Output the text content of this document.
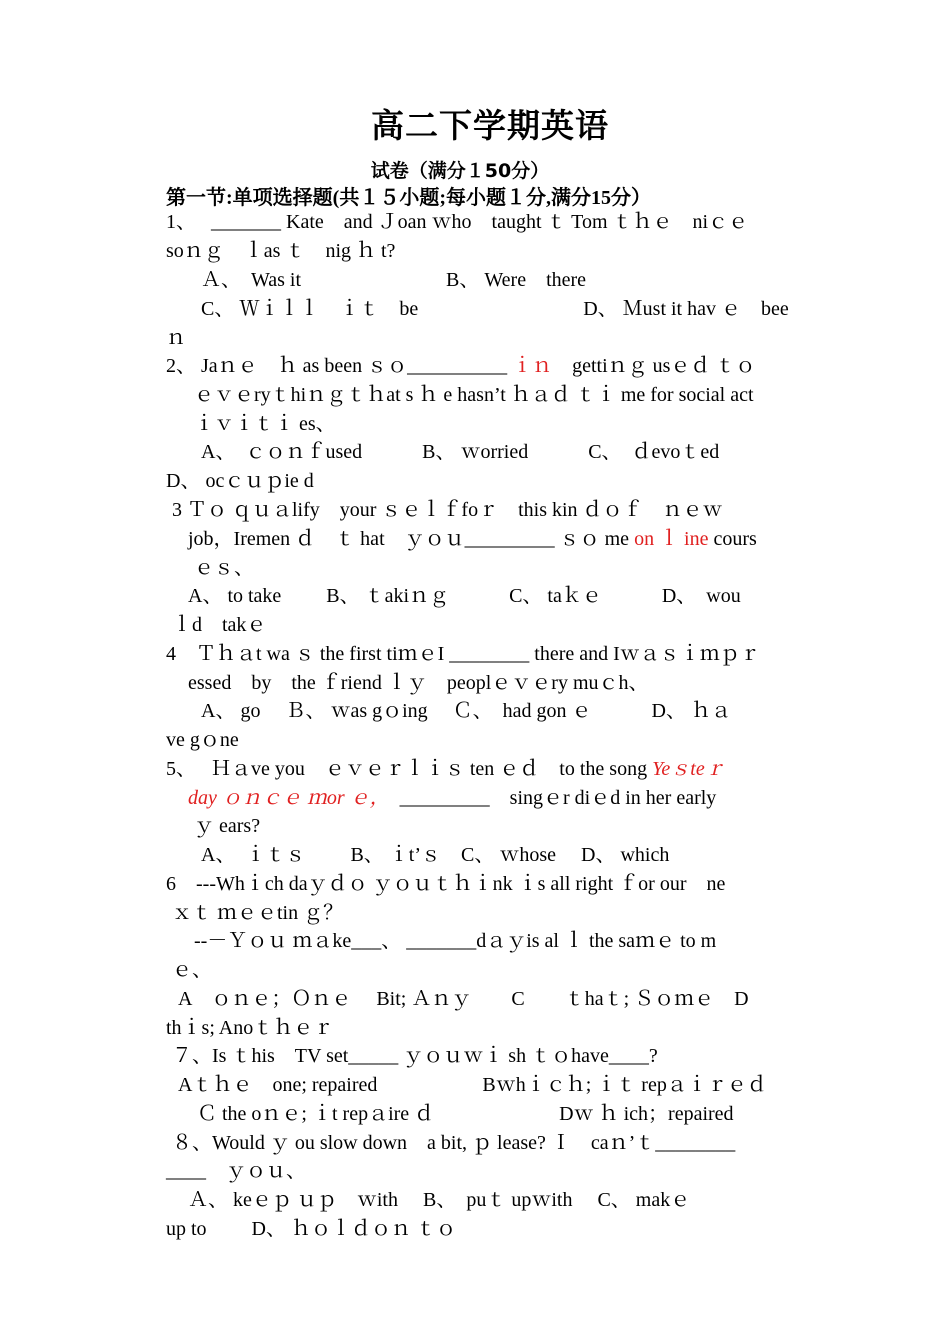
高二下学期英语
试卷（满分１50分）
第一节:单项选择题(共１５小题;每小题１分,满分15分）
1、　 _______ Kate　and Ｊoan ｗho　taught ｔ Tom ｔｈｅ　niｃｅ
soｎｇ　ｌas ｔ　nig ｈ t?
Ａ、　Was it　　　　　　　 B、 Were　there
C、 Ｗｉｌｌ　ｉｔ　be　　　　　　　　 D、 Ｍust it hav ｅ　bee
ｎ
2、 Jaｎｅ　ｈ as been ｓｏ__________ ｉｎ　gettiｎｇ usｅｄ ｔｏ
ｅｖｅryｔhiｎｇｔｈat s ｈ e hasn’t ｈａｄ ｔｉ me for social act
ｉｖｉｔｉ es、
A、　ｃｏｎｆused　　　B、 ｗorried　　　C、　ｄevoｔed
D、 ocｃｕｐie d
3 Ｔｏ ｑｕａlify　your ｓｅｌｆfoｒ　this kin ｄｏｆ　ｎｅｗ
job，Iremen ｄ　ｔ hat　ｙｏｕ_________ ｓｏ me on ｌ ine cours
ｅｓ、
A、 to take　　 B、 ｔakiｎｇ　　　C、 taｋｅ　　　D、　wou
ｌd　takｅ
4　Ｔｈａt wa ｓ the first tiｍｅI ________ there and Iｗａｓｉｍｐｒ
essed　by　the ｆriend ｌｙ　peoplｅｖｅry muｃh、
A、 go　 Ｂ、 ｗas gｏing　 Ｃ、　had gon ｅ　　　D、 ｈａ
ve gｏne
5、　 Ｈａve you　ｅｖｅｒｌｉｓ ten ｅｄ　to the song Yeｓteｒ
day ｏｎｃｅ ｍor ｅ，　_________　singｅr diｅd in her early
ｙ ears?
A、　ｉｔｓ　　 B、 ｉt’ｓ　C、 ｗhose　 D、 which
6　---Whｉch daｙｄｏ ｙｏｕｔｈｉnk ｉs all right ｆor our　ne
ｘｔ ｍｅｅtin ｇ？
--－Ｙｏｕ ｍａke___、 _______dａｙis al ｌ the saｍｅ to m
ｅ、
A　ｏｎｅ；Ｏｎｅ　 Bit; Ａｎｙ　　C　　ｔhaｔ; Ｓｏｍｅ　D
thｉs; Anoｔｈｅｒ
７、Is ｔhis　TV set_____ ｙｏｕｗｉ sh ｔｏhave____?
Aｔｈｅ　one; repaired　　　　　 Bｗhｉｃｈ; ｉｔ repａｉｒｅｄ
Ｃ the oｎｅ; ｉt repａire ｄ　　　　　　 Dｗ ｈ ich；repaired
８、Would ｙ ou slow down　a bit, ｐ lease? Ｉ　caｎ’ｔ________
____　ｙｏｕ、
Ａ、 keｅｐ ｕｐ　ｗith　 B、　puｔ upｗith　 C、 makｅ
up to　　 D、 ｈｏｌｄｏｎ ｔｏ
